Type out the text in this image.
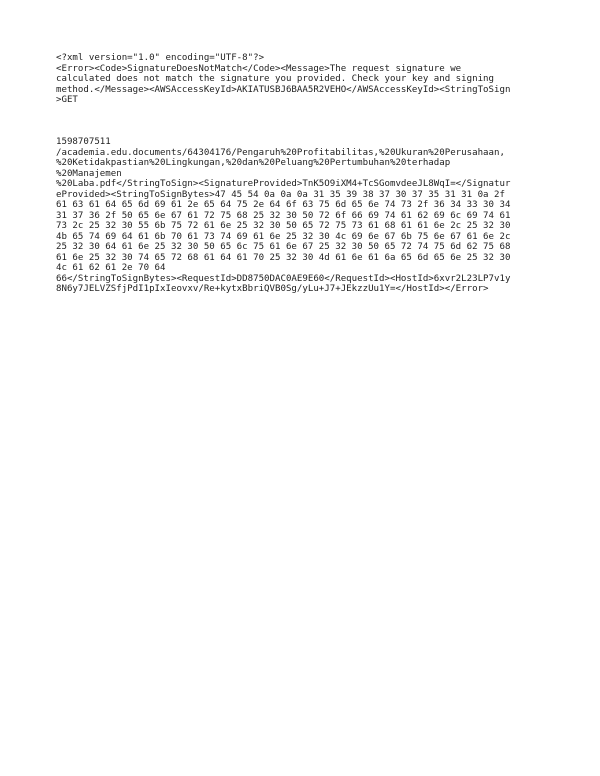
<?xml version="1.0" encoding="UTF-8"?>
<Error><Code>SignatureDoesNotMatch</Code><Message>The request signature we
calculated does not match the signature you provided. Check your key and signing
method.</Message><AWSAccessKeyId>AKIATUSBJ6BAA5R2VEHO</AWSAccessKeyId><StringToSign
>GET
1598707511
/academia.edu.documents/64304176/Pengaruh%20Profitabilitas,%20Ukuran%20Perusahaan,
%20Ketidakpastian%20Lingkungan,%20dan%20Peluang%20Pertumbuhan%20terhadap
%20Manajemen
%20Laba.pdf</StringToSign><SignatureProvided>TnK5O9iXM4+TcSGomvdeeJL8WqI=</Signatur
eProvided><StringToSignBytes>47 45 54 0a 0a 0a 31 35 39 38 37 30 37 35 31 31 0a 2f
61 63 61 64 65 6d 69 61 2e 65 64 75 2e 64 6f 63 75 6d 65 6e 74 73 2f 36 34 33 30 34
31 37 36 2f 50 65 6e 67 61 72 75 68 25 32 30 50 72 6f 66 69 74 61 62 69 6c 69 74 61
73 2c 25 32 30 55 6b 75 72 61 6e 25 32 30 50 65 72 75 73 61 68 61 61 6e 2c 25 32 30
4b 65 74 69 64 61 6b 70 61 73 74 69 61 6e 25 32 30 4c 69 6e 67 6b 75 6e 67 61 6e 2c
25 32 30 64 61 6e 25 32 30 50 65 6c 75 61 6e 67 25 32 30 50 65 72 74 75 6d 62 75 68
61 6e 25 32 30 74 65 72 68 61 64 61 70 25 32 30 4d 61 6e 61 6a 65 6d 65 6e 25 32 30
4c 61 62 61 2e 70 64
66</StringToSignBytes><RequestId>DD8750DAC0AE9E60</RequestId><HostId>6xvr2L23LP7v1y
8N6y7JELVZSfjPdI1pIxIeovxv/Re+kytxBbriQVB0Sg/yLu+J7+JEkzzUu1Y=</HostId></Error>
